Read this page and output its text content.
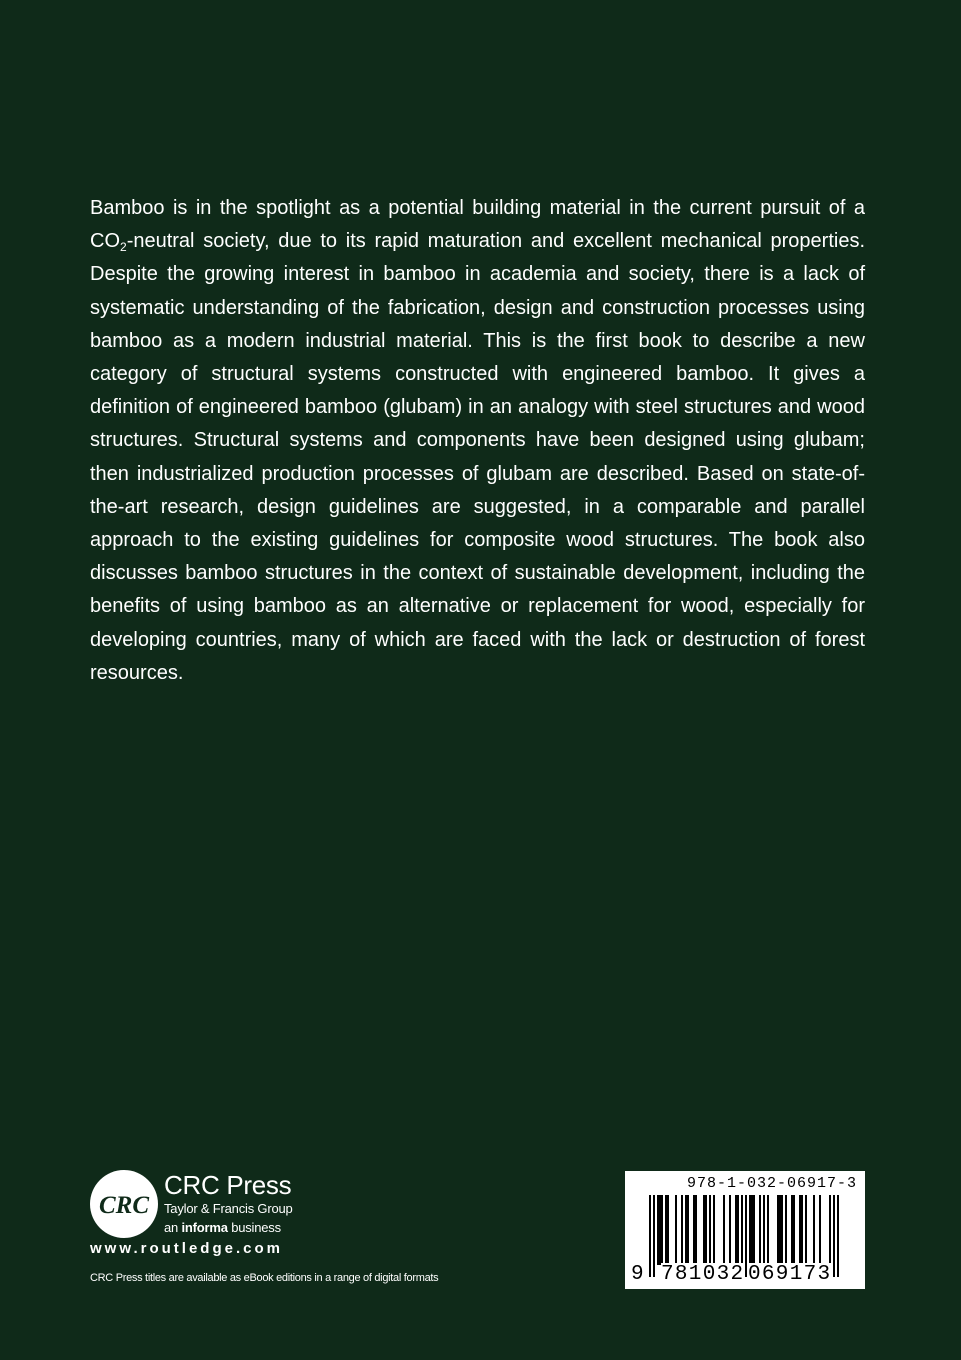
Bamboo is in the spotlight as a potential building material in the current pursuit of a $CO_2$-neutral society, due to its rapid maturation and excellent mechanical properties. Despite the growing interest in bamboo in academia and society, there is a lack of systematic understanding of the fabrication, design and construction processes using bamboo as a modern industrial material. This is the first book to describe a new category of structural systems constructed with engineered bamboo. It gives a definition of engineered bamboo (glubam) in an analogy with steel structures and wood structures. Structural systems and components have been designed using glubam; then industrialized production processes of glubam are described. Based on state-of-the-art research, design guidelines are suggested, in a comparable and parallel approach to the existing guidelines for composite wood structures. The book also discusses bamboo structures in the context of sustainable development, including the benefits of using bamboo as an alternative or replacement for wood, especially for developing countries, many of which are faced with the lack or destruction of forest resources.

CRC
CRC Press
Taylor & Francis Group
an informa business
www.routledge.com
CRC Press titles are available as eBook editions in a range of digital formats
978-1-032-06917-3
9 781032 069173
